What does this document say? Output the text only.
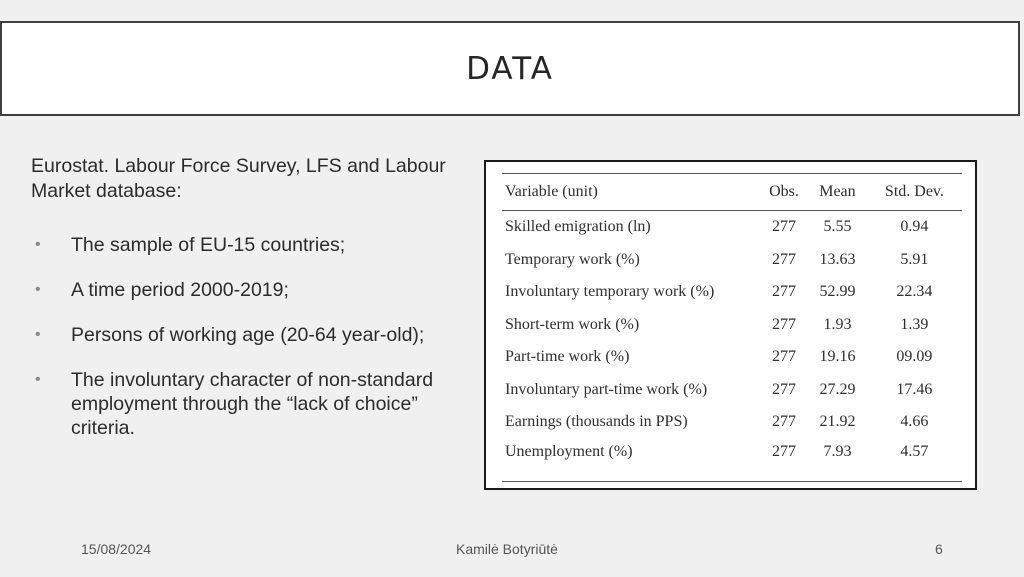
DATA
Eurostat. Labour Force Survey, LFS and Labour Market database:
• The sample of EU-15 countries;
• A time period 2000-2019;
• Persons of working age (20-64 year-old);
• The involuntary character of non-standard employment through the “lack of choice” criteria.
Variable (unit)	Obs.	Mean	Std. Dev.
Skilled emigration (ln)	277	5.55	0.94
Temporary work (%)	277	13.63	5.91
Involuntary temporary work (%)	277	52.99	22.34
Short-term work (%)	277	1.93	1.39
Part-time work (%)	277	19.16	09.09
Involuntary part-time work (%)	277	27.29	17.46
Earnings (thousands in PPS)	277	21.92	4.66
Unemployment (%)	277	7.93	4.57
15/08/2024	Kamilė Botyriūtė	6
